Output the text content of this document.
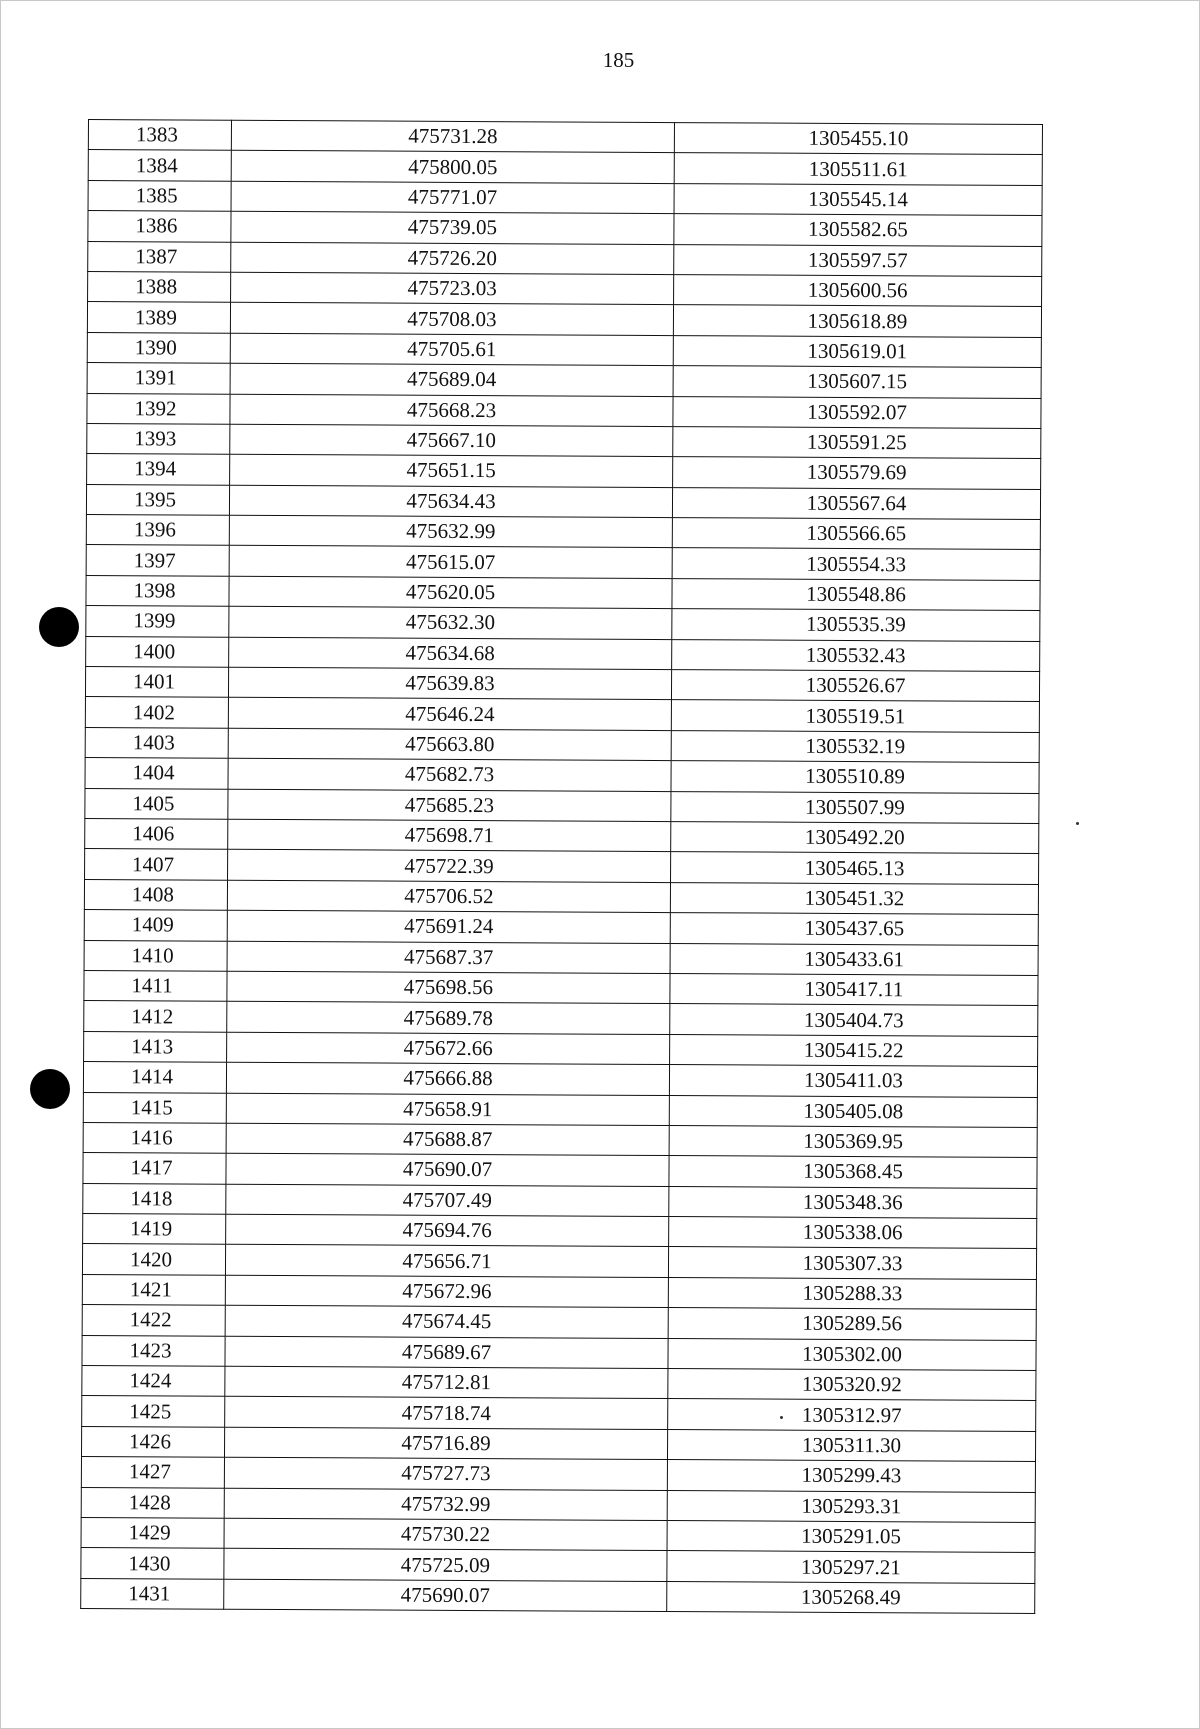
185
1383	475731.28	1305455.10
1384	475800.05	1305511.61
1385	475771.07	1305545.14
1386	475739.05	1305582.65
1387	475726.20	1305597.57
1388	475723.03	1305600.56
1389	475708.03	1305618.89
1390	475705.61	1305619.01
1391	475689.04	1305607.15
1392	475668.23	1305592.07
1393	475667.10	1305591.25
1394	475651.15	1305579.69
1395	475634.43	1305567.64
1396	475632.99	1305566.65
1397	475615.07	1305554.33
1398	475620.05	1305548.86
1399	475632.30	1305535.39
1400	475634.68	1305532.43
1401	475639.83	1305526.67
1402	475646.24	1305519.51
1403	475663.80	1305532.19
1404	475682.73	1305510.89
1405	475685.23	1305507.99
1406	475698.71	1305492.20
1407	475722.39	1305465.13
1408	475706.52	1305451.32
1409	475691.24	1305437.65
1410	475687.37	1305433.61
1411	475698.56	1305417.11
1412	475689.78	1305404.73
1413	475672.66	1305415.22
1414	475666.88	1305411.03
1415	475658.91	1305405.08
1416	475688.87	1305369.95
1417	475690.07	1305368.45
1418	475707.49	1305348.36
1419	475694.76	1305338.06
1420	475656.71	1305307.33
1421	475672.96	1305288.33
1422	475674.45	1305289.56
1423	475689.67	1305302.00
1424	475712.81	1305320.92
1425	475718.74	1305312.97
1426	475716.89	1305311.30
1427	475727.73	1305299.43
1428	475732.99	1305293.31
1429	475730.22	1305291.05
1430	475725.09	1305297.21
1431	475690.07	1305268.49
